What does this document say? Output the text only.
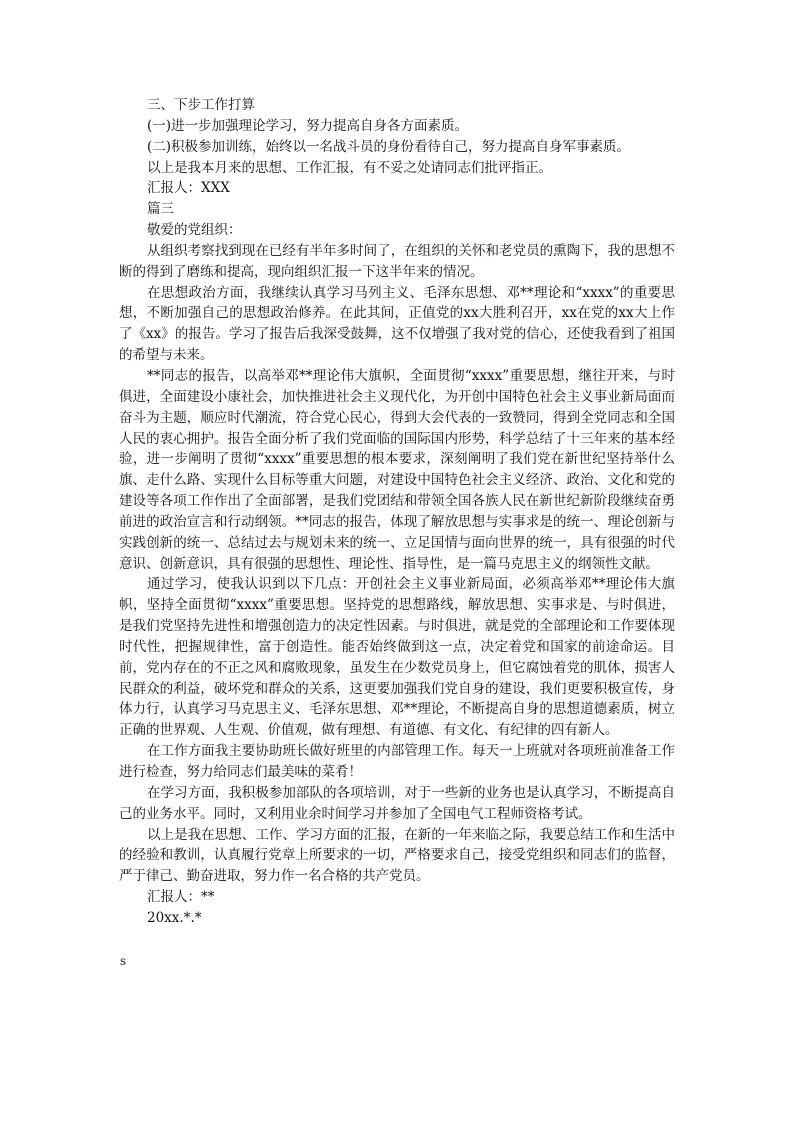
三、下步工作打算

(一)进一步加强理论学习，努力提高自身各方面素质。

(二)积极参加训练，始终以一名战斗员的身份看待自己，努力提高自身军事素质。

以上是我本月来的思想、工作汇报，有不妥之处请同志们批评指正。

汇报人：XXX

篇三

敬爱的党组织：

从组织考察找到现在已经有半年多时间了，在组织的关怀和老党员的熏陶下，我的思想不断的得到了磨练和提高，现向组织汇报一下这半年来的情况。

在思想政治方面，我继续认真学习马列主义、毛泽东思想、邓**理论和“xxxx”的重要思想，不断加强自己的思想政治修养。在此其间，正值党的xx大胜利召开，xx在党的xx大上作了《xx》的报告。学习了报告后我深受鼓舞，这不仅增强了我对党的信心，还使我看到了祖国的希望与未来。

**同志的报告，以高举邓**理论伟大旗帜，全面贯彻“xxxx”重要思想，继往开来，与时俱进，全面建设小康社会，加快推进社会主义现代化，为开创中国特色社会主义事业新局面而奋斗为主题，顺应时代潮流，符合党心民心，得到大会代表的一致赞同，得到全党同志和全国人民的衷心拥护。报告全面分析了我们党面临的国际国内形势，科学总结了十三年来的基本经验，进一步阐明了贯彻“xxxx”重要思想的根本要求，深刻阐明了我们党在新世纪坚持举什么旗、走什么路、实现什么目标等重大问题，对建设中国特色社会主义经济、政治、文化和党的建设等各项工作作出了全面部署，是我们党团结和带领全国各族人民在新世纪新阶段继续奋勇前进的政治宣言和行动纲领。**同志的报告，体现了解放思想与实事求是的统一、理论创新与实践创新的统一、总结过去与规划未来的统一、立足国情与面向世界的统一，具有很强的时代意识、创新意识，具有很强的思想性、理论性、指导性，是一篇马克思主义的纲领性文献。

通过学习，使我认识到以下几点：开创社会主义事业新局面，必须高举邓**理论伟大旗帜，坚持全面贯彻“xxxx”重要思想。坚持党的思想路线，解放思想、实事求是、与时俱进，是我们党坚持先进性和增强创造力的决定性因素。与时俱进，就是党的全部理论和工作要体现时代性，把握规律性，富于创造性。能否始终做到这一点，决定着党和国家的前途命运。目前，党内存在的不正之风和腐败现象，虽发生在少数党员身上，但它腐蚀着党的肌体，损害人民群众的利益，破坏党和群众的关系，这更要加强我们党自身的建设，我们更要积极宣传，身体力行，认真学习马克思主义、毛泽东思想、邓**理论，不断提高自身的思想道德素质，树立正确的世界观、人生观、价值观，做有理想、有道德、有文化、有纪律的四有新人。

在工作方面我主要协助班长做好班里的内部管理工作。每天一上班就对各项班前准备工作进行检查，努力给同志们最美味的菜肴！

在学习方面，我积极参加部队的各项培训，对于一些新的业务也是认真学习，不断提高自己的业务水平。同时，又利用业余时间学习并参加了全国电气工程师资格考试。

以上是我在思想、工作、学习方面的汇报，在新的一年来临之际，我要总结工作和生活中的经验和教训，认真履行党章上所要求的一切，严格要求自己，接受党组织和同志们的监督，严于律己、勤奋进取，努力作一名合格的共产党员。

汇报人：**

20xx.*.*

s
